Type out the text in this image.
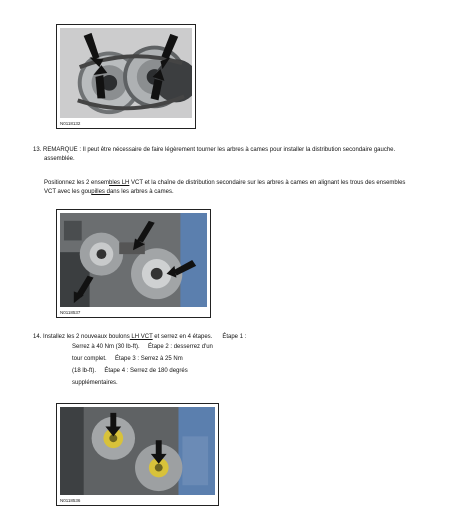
N0118132
13. REMARQUE : Il peut être nécessaire de faire légèrement tourner les arbres à cames pour installer la distribution secondaire gauche.
assemblée.
Positionnez les 2 ensembles LH VCT et la chaîne de distribution secondaire sur les arbres à cames en alignant les trous des ensembles
VCT avec les goupilles dans les arbres à cames.
N0118537
14. Installez les 2 nouveaux boulons LH VCT et serrez en 4 étapes.      Étape 1 :
Serrez à 40 Nm (30 lb-ft).     Étape 2 : desserrez d'un
tour complet.     Étape 3 : Serrez à 25 Nm
(18 lb-ft).     Étape 4 : Serrez de 180 degrés
supplémentaires.
N0118536
